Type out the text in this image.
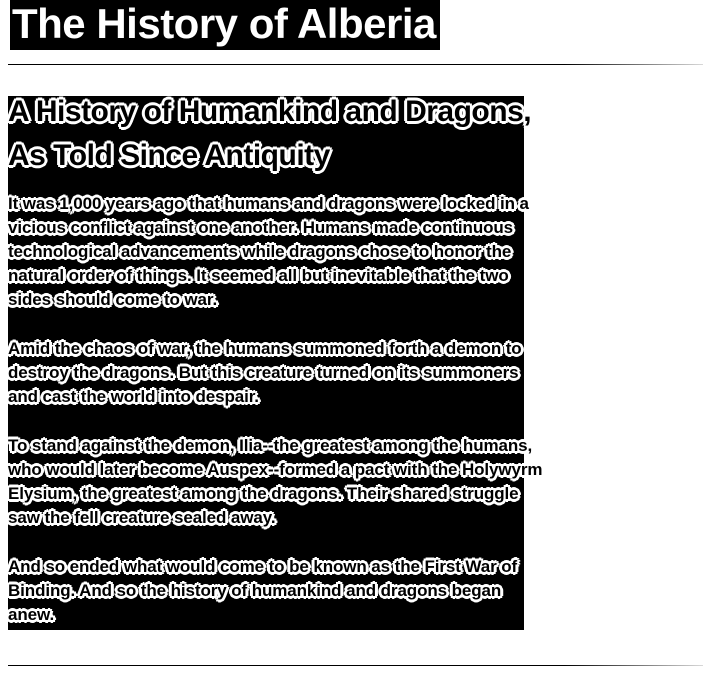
The History of Alberia
A History of Humankind and Dragons, As Told Since Antiquity

It was 1,000 years ago that humans and dragons were locked in a vicious conflict against one another. Humans made continuous technological advancements while dragons chose to honor the natural order of things. It seemed all but inevitable that the two sides should come to war.

Amid the chaos of war, the humans summoned forth a demon to destroy the dragons. But this creature turned on its summoners and cast the world into despair.

To stand against the demon, Ilia--the greatest among the humans, who would later become Auspex--formed a pact with the Holywyrm Elysium, the greatest among the dragons. Their shared struggle saw the fell creature sealed away.

And so ended what would come to be known as the First War of Binding. And so the history of humankind and dragons began anew.
